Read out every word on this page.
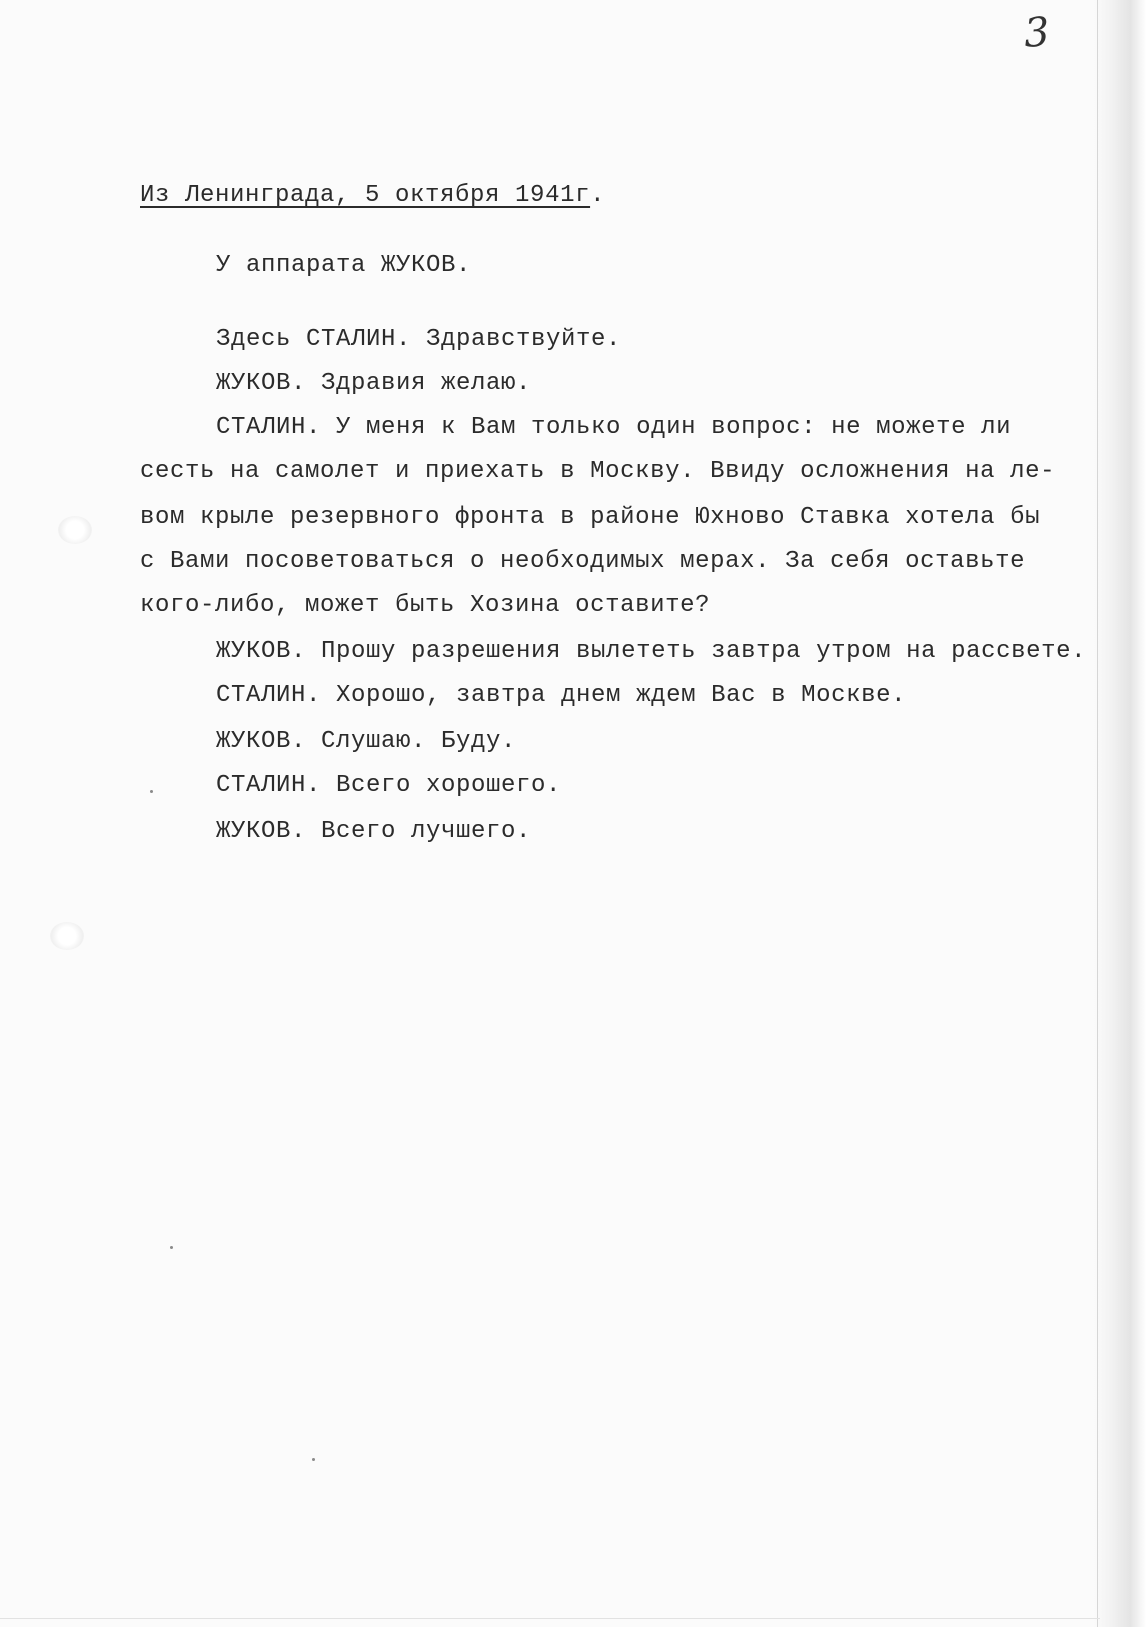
3
Из Ленинграда, 5 октября 1941г.
У аппарата ЖУКОВ.
Здесь СТАЛИН. Здравствуйте.
ЖУКОВ. Здравия желаю.
СТАЛИН. У меня к Вам только один вопрос: не можете ли
сесть на самолет и приехать в Москву. Ввиду осложнения на ле-
вом крыле резервного фронта в районе Юхново Ставка хотела бы
с Вами посоветоваться о необходимых мерах. За себя оставьте
кого-либо, может быть Хозина оставите?
ЖУКОВ. Прошу разрешения вылететь завтра утром на рассвете.
СТАЛИН. Хорошо, завтра днем ждем Вас в Москве.
ЖУКОВ. Слушаю. Буду.
СТАЛИН. Всего хорошего.
ЖУКОВ. Всего лучшего.
